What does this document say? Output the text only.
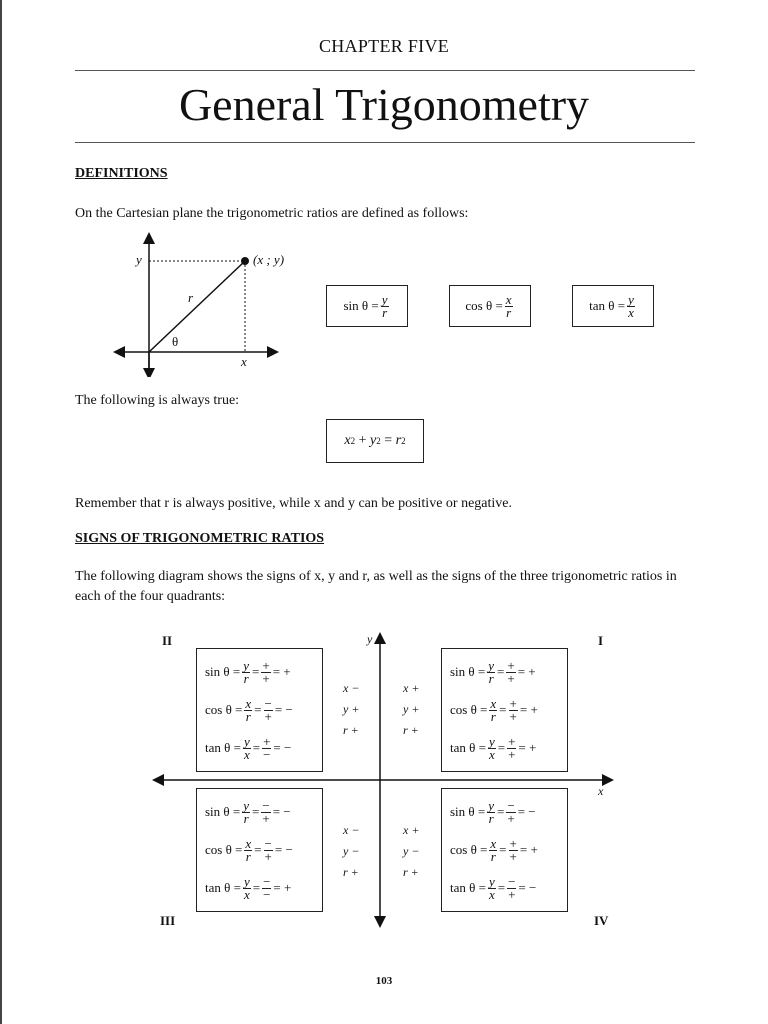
CHAPTER FIVE
General Trigonometry
DEFINITIONS
On the Cartesian plane the trigonometric ratios are defined as follows:
y	(x ; y)
r
θ
x
$\sin \theta = \frac{y}{r}$	$\cos \theta = \frac{x}{r}$	$\tan \theta = \frac{y}{x}$
The following is always true:
x 2 + y 2 = r 2
Remember that r is always positive, while x and y can be positive or negative.
SIGNS OF TRIGONOMETRIC RATIOS
The following diagram shows the signs of x, y and r, as well as the signs of the three trigonometric ratios in each of the four quadrants:
y
x
II	I
III	IV
x −
y +
r +
x +
y +
r +
x −
y −
r +
x +
y −
r +
$\sin \theta = \frac{y}{r} = \frac{+}{+}$ = +
$\cos \theta = \frac{x}{r} = \frac{-}{+}$ = −
$\tan \theta = \frac{y}{x} = \frac{+}{-}$ = −
$\sin \theta = \frac{y}{r} = \frac{+}{+}$ = +
$\cos \theta = \frac{x}{r} = \frac{+}{+}$ = +
$\tan \theta = \frac{y}{x} = \frac{+}{+}$ = +
$\sin \theta = \frac{y}{r} = \frac{-}{+}$ = −
$\cos \theta = \frac{x}{r} = \frac{-}{+}$ = −
$\tan \theta = \frac{y}{x} = \frac{-}{-}$ = +
$\sin \theta = \frac{y}{r} = \frac{-}{+}$ = −
$\cos \theta = \frac{x}{r} = \frac{+}{+}$ = +
$\tan \theta = \frac{y}{x} = \frac{-}{+}$ = −
103
